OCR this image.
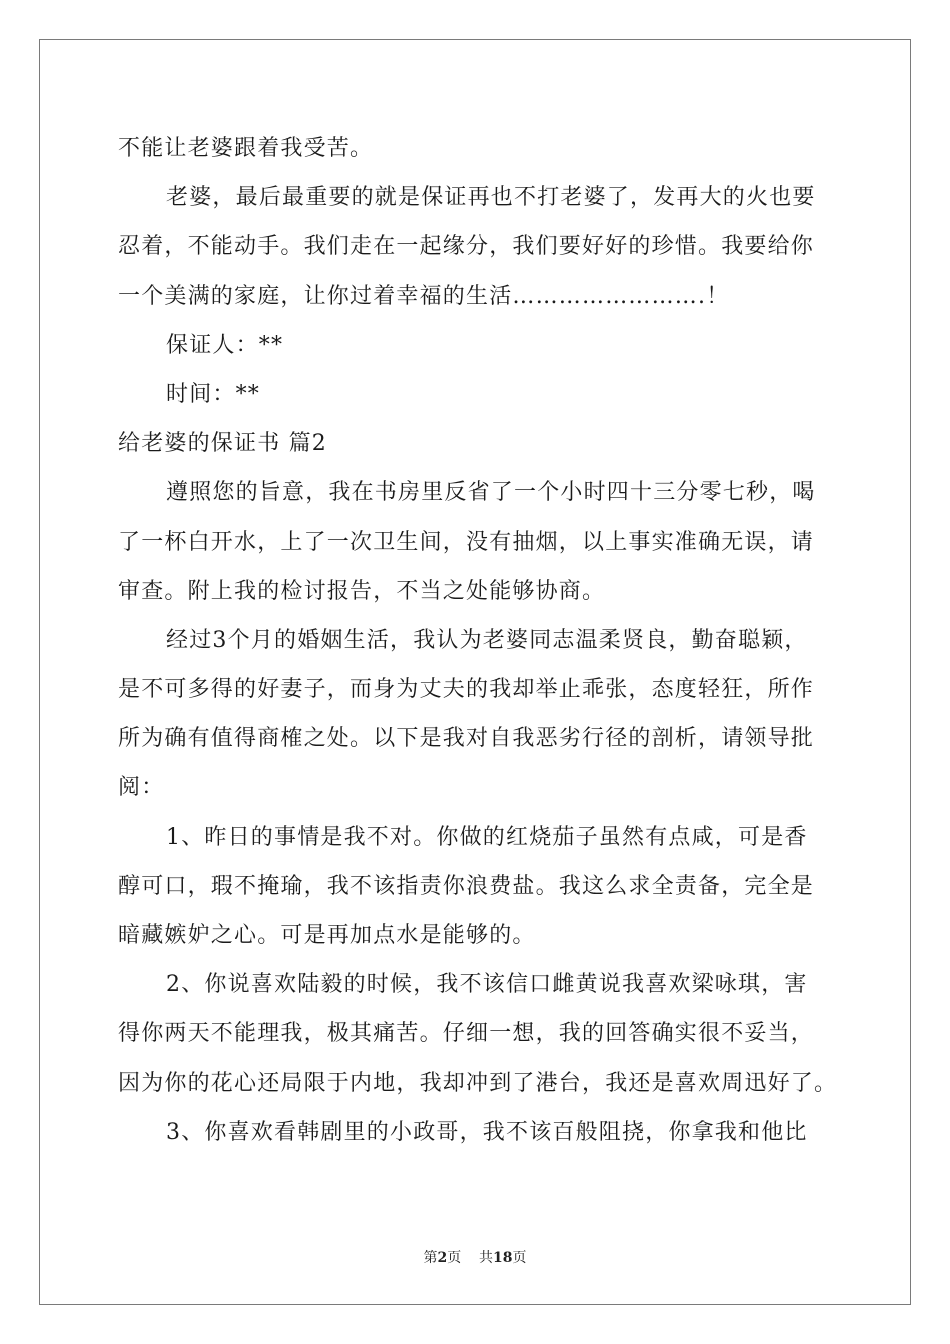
不能让老婆跟着我受苦。
老婆，最后最重要的就是保证再也不打老婆了，发再大的火也要
忍着，不能动手。我们走在一起缘分，我们要好好的珍惜。我要给你
一个美满的家庭，让你过着幸福的生活…………………….！
保证人：**
时间：**
给老婆的保证书 篇2
遵照您的旨意，我在书房里反省了一个小时四十三分零七秒，喝
了一杯白开水，上了一次卫生间，没有抽烟，以上事实准确无误，请
审查。附上我的检讨报告，不当之处能够协商。
经过3个月的婚姻生活，我认为老婆同志温柔贤良，勤奋聪颖，
是不可多得的好妻子，而身为丈夫的我却举止乖张，态度轻狂，所作
所为确有值得商榷之处。以下是我对自我恶劣行径的剖析，请领导批
阅：
1、昨日的事情是我不对。你做的红烧茄子虽然有点咸，可是香
醇可口，瑕不掩瑜，我不该指责你浪费盐。我这么求全责备，完全是
暗藏嫉妒之心。可是再加点水是能够的。
2、你说喜欢陆毅的时候，我不该信口雌黄说我喜欢梁咏琪，害
得你两天不能理我，极其痛苦。仔细一想，我的回答确实很不妥当，
因为你的花心还局限于内地，我却冲到了港台，我还是喜欢周迅好了。
3、你喜欢看韩剧里的小政哥，我不该百般阻挠，你拿我和他比
第2页 共18页
